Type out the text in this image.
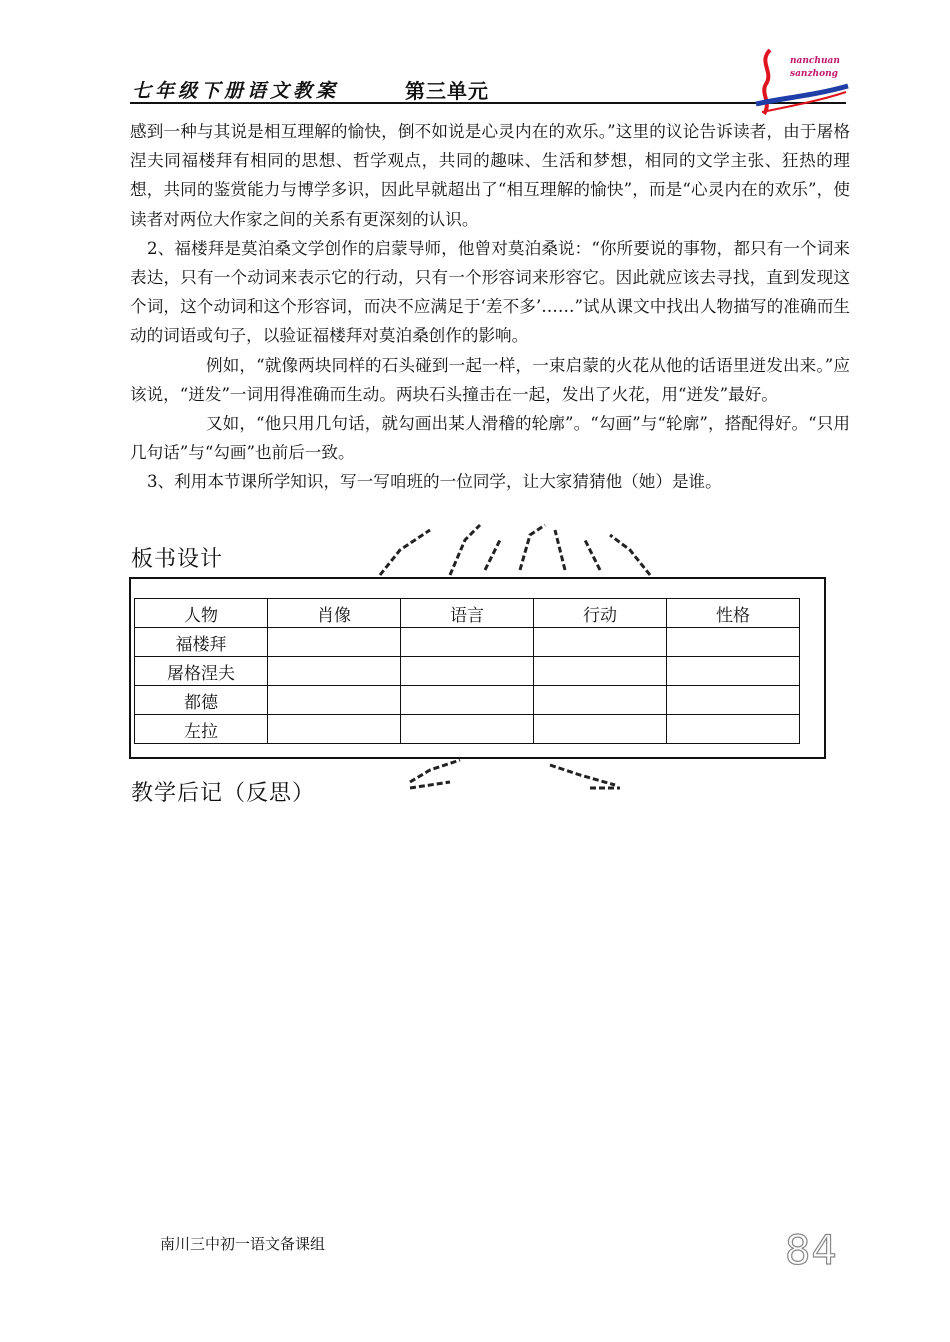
七年级下册语文教案	第三单元
nanchuan
sanzhong

感到一种与其说是相互理解的愉快，倒不如说是心灵内在的欢乐。”这里的议论告诉读者，由于屠格涅夫同福楼拜有相同的思想、哲学观点，共同的趣味、生活和梦想，相同的文学主张、狂热的理想，共同的鉴赏能力与博学多识，因此早就超出了“相互理解的愉快”，而是“心灵内在的欢乐”，使读者对两位大作家之间的关系有更深刻的认识。

2、福楼拜是莫泊桑文学创作的启蒙导师，他曾对莫泊桑说：“你所要说的事物，都只有一个词来表达，只有一个动词来表示它的行动，只有一个形容词来形容它。因此就应该去寻找，直到发现这个词，这个动词和这个形容词，而决不应满足于‘差不多’……”试从课文中找出人物描写的准确而生动的词语或句子，以验证福楼拜对莫泊桑创作的影响。

例如，“就像两块同样的石头碰到一起一样，一束启蒙的火花从他的话语里迸发出来。”应该说，“迸发”一词用得准确而生动。两块石头撞击在一起，发出了火花，用“迸发”最好。

又如，“他只用几句话，就勾画出某人滑稽的轮廓”。“勾画”与“轮廓”，搭配得好。“只用几句话”与“勾画”也前后一致。

3、利用本节课所学知识，写一写咱班的一位同学，让大家猜猜他（她）是谁。

板书设计
人物	肖像	语言	行动	性格
福楼拜				
屠格涅夫				
都德				
左拉				
教学后记（反思）
南川三中初一语文备课组	84
